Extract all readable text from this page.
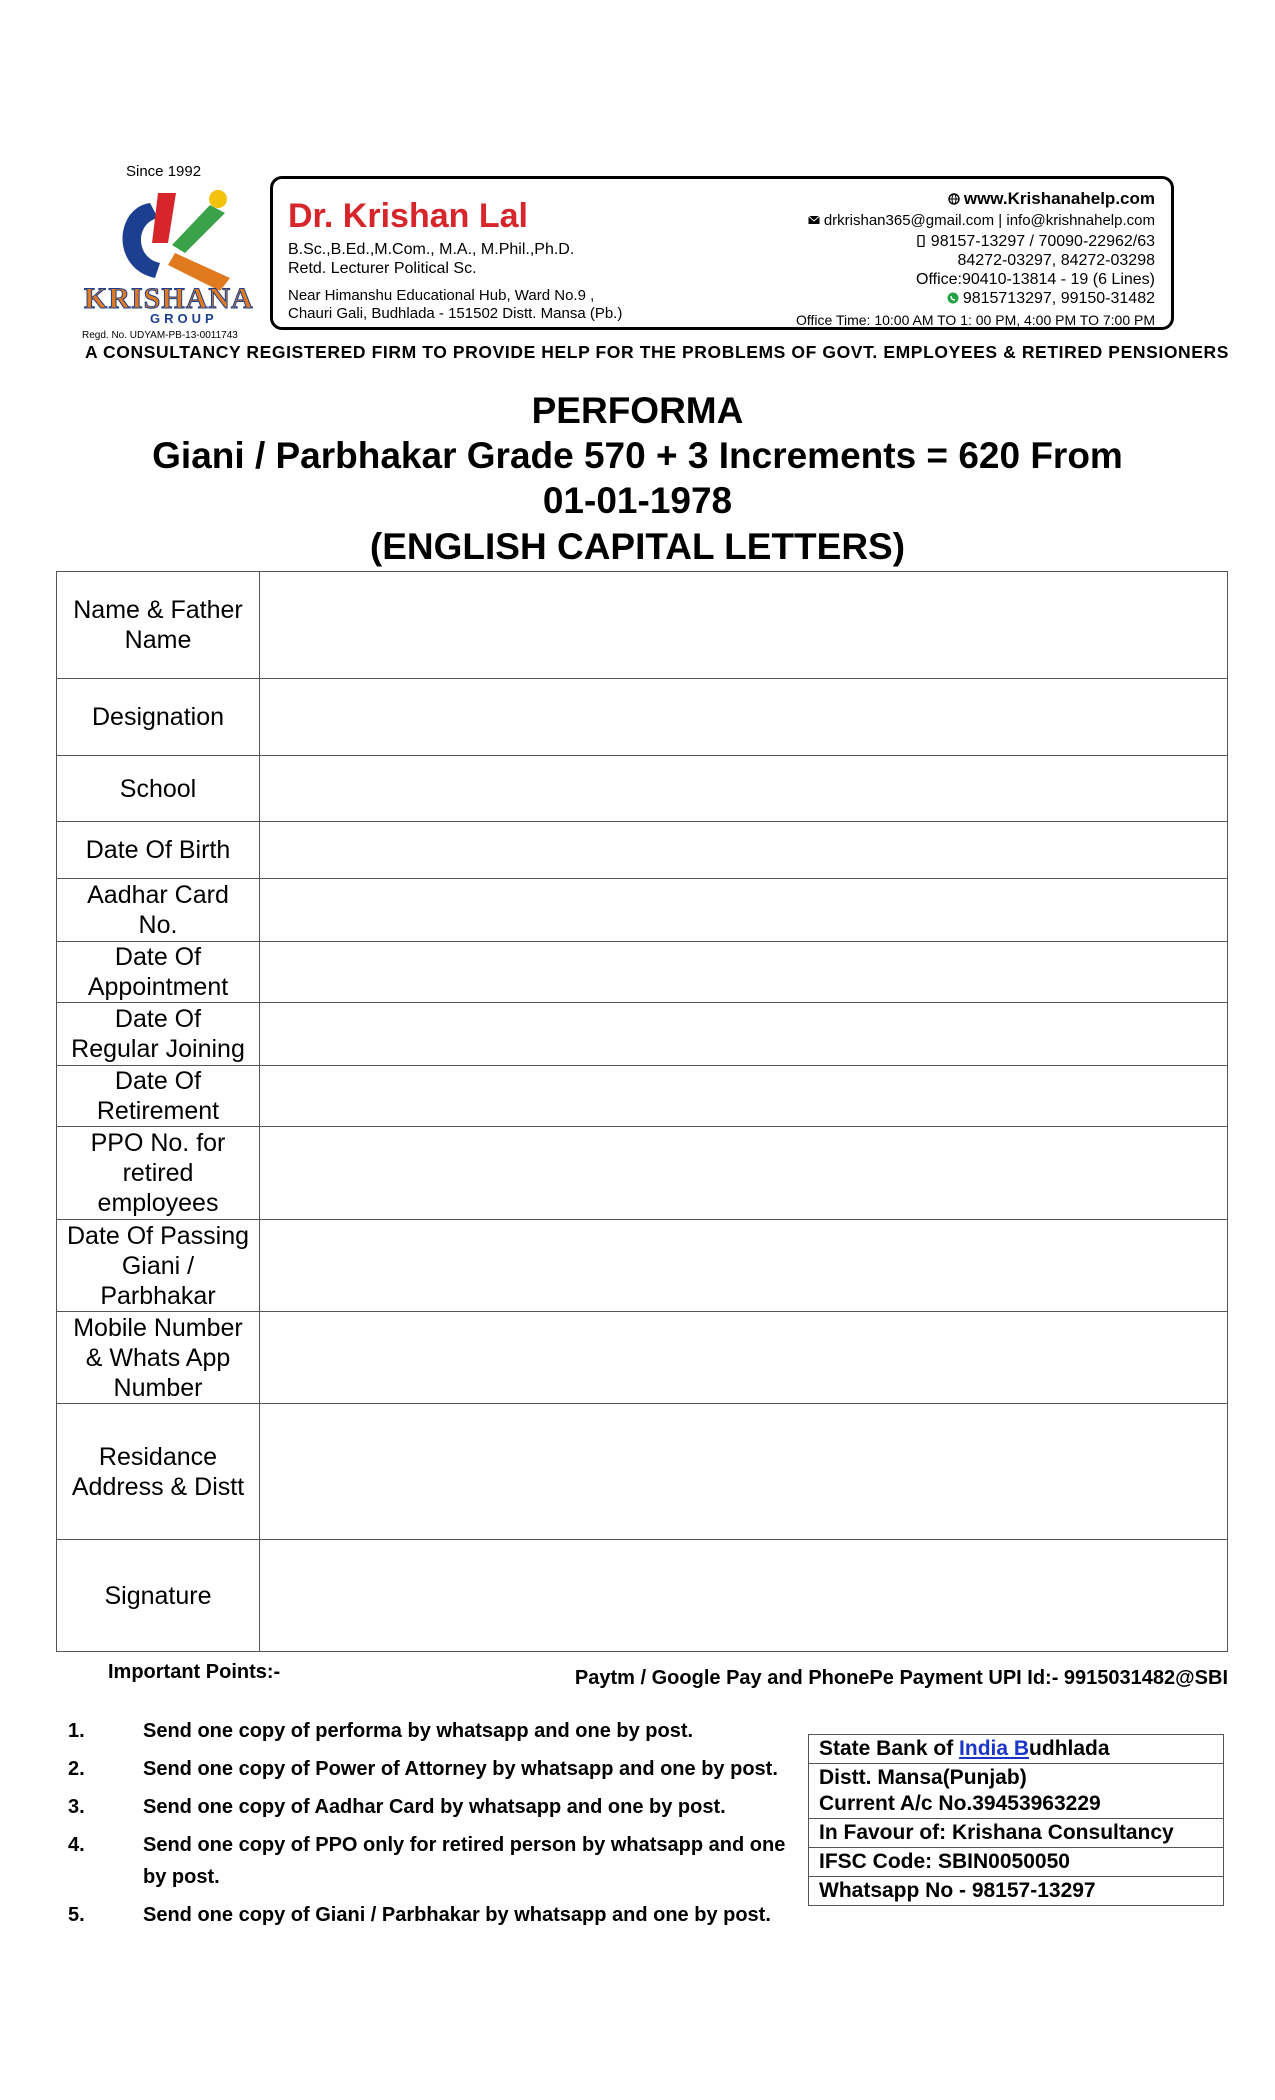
Since 1992
KRISHANA
GROUP
Regd. No. UDYAM-PB-13-0011743
Dr. Krishan Lal
B.Sc.,B.Ed.,M.Com., M.A., M.Phil.,Ph.D.
Retd. Lecturer Political Sc.
Near Himanshu Educational Hub, Ward No.9 ,
Chauri Gali, Budhlada - 151502 Distt. Mansa (Pb.)
www.Krishanahelp.com
drkrishan365@gmail.com | info@krishnahelp.com
98157-13297 / 70090-22962/63
84272-03297, 84272-03298
Office:90410-13814 - 19 (6 Lines)
9815713297, 99150-31482
Office Time: 10:00 AM TO 1: 00 PM, 4:00 PM TO 7:00 PM
A CONSULTANCY REGISTERED FIRM TO PROVIDE HELP FOR THE PROBLEMS OF GOVT. EMPLOYEES & RETIRED PENSIONERS
PERFORMA
Giani / Parbhakar Grade 570 + 3 Increments = 620 From
01-01-1978
(ENGLISH CAPITAL LETTERS)
Name & Father
Name	

Designation	

School	

Date Of Birth	

Aadhar Card
No.	

Date Of
Appointment	

Date Of
Regular Joining	

Date Of
Retirement	

PPO No. for
retired
employees	

Date Of Passing
Giani /
Parbhakar	

Mobile Number
& Whats App
Number	

Residance
Address & Distt	

Signature	

Important Points:-	Paytm / Google Pay and PhonePe Payment UPI Id:- 9915031482@SBI
1.	Send one copy of performa by whatsapp and one by post.
2.	Send one copy of Power of Attorney by whatsapp and one by post.
3.	Send one copy of Aadhar Card by whatsapp and one by post.
4.	Send one copy of PPO only for retired person by whatsapp and one by post.
5.	Send one copy of Giani / Parbhakar by whatsapp and one by post.
State Bank of India Budhlada

Distt. Mansa(Punjab)
Current A/c No.39453963229

In Favour of: Krishana Consultancy
IFSC Code: SBIN0050050
Whatsapp No - 98157-13297
